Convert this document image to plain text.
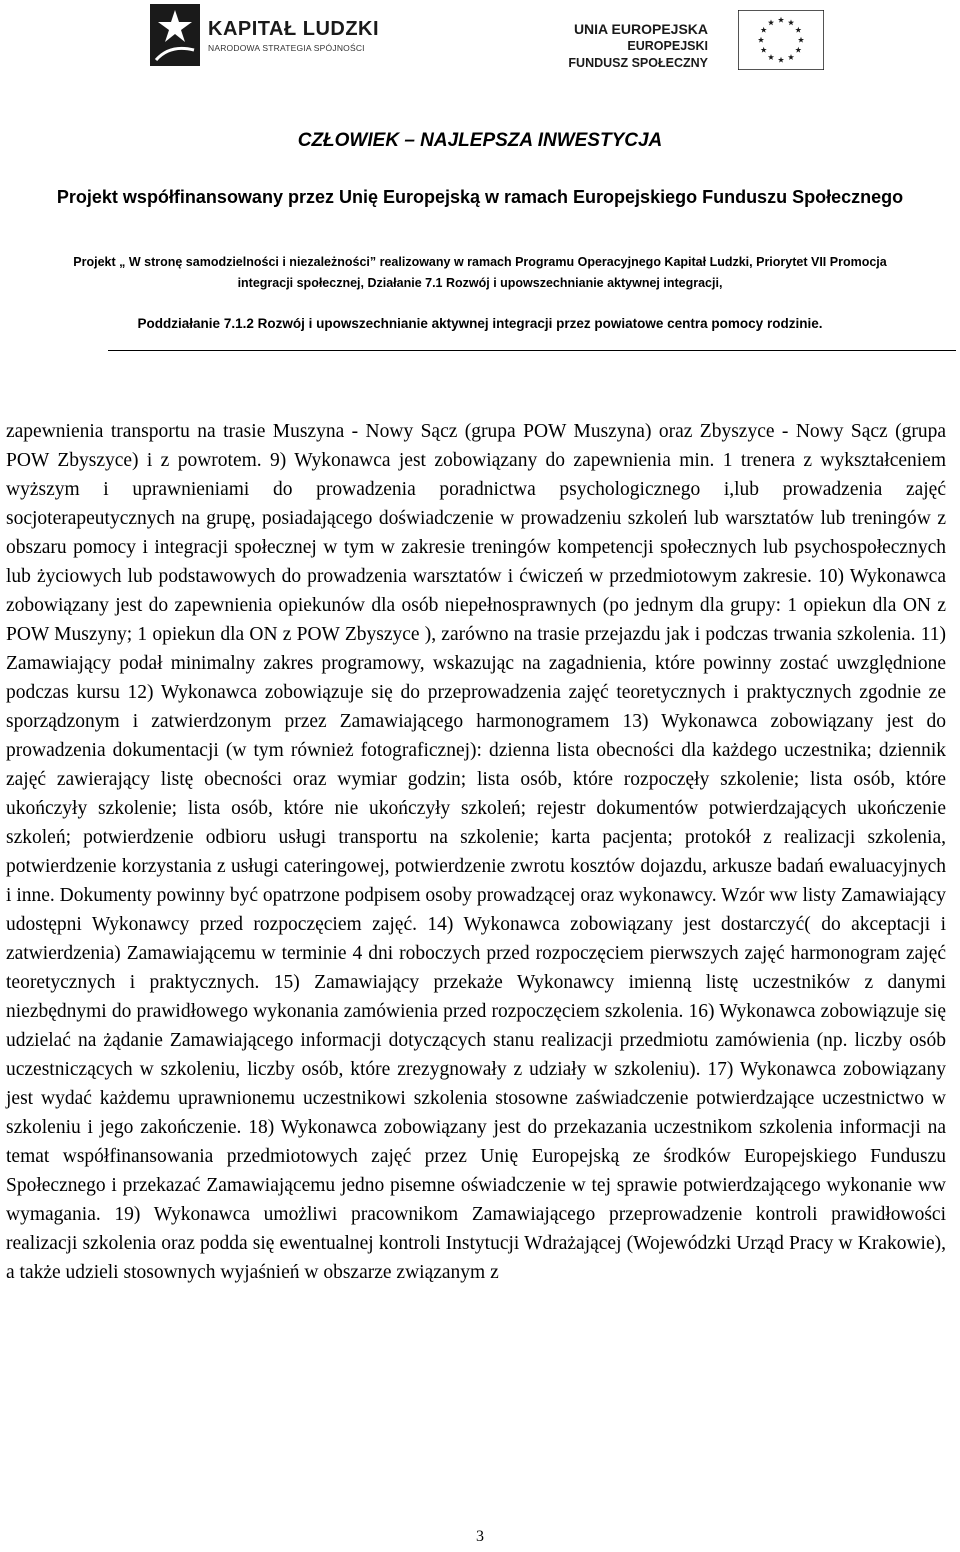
KAPITAŁ LUDZKI
NARODOWA STRATEGIA SPÓJNOŚCI
UNIA EUROPEJSKA
EUROPEJSKI
FUNDUSZ SPOŁECZNY
CZŁOWIEK – NAJLEPSZA INWESTYCJA
Projekt współfinansowany przez Unię Europejską w ramach Europejskiego Funduszu Społecznego
Projekt „ W stronę samodzielności i niezależności” realizowany w ramach Programu Operacyjnego Kapitał Ludzki, Priorytet VII Promocja integracji społecznej, Działanie 7.1 Rozwój i upowszechnianie aktywnej integracji,
Poddziałanie 7.1.2 Rozwój i upowszechnianie aktywnej integracji przez powiatowe centra pomocy rodzinie.
zapewnienia transportu na trasie Muszyna - Nowy Sącz (grupa POW Muszyna) oraz Zbyszyce - Nowy Sącz (grupa POW Zbyszyce) i z powrotem. 9) Wykonawca jest zobowiązany do zapewnienia min. 1 trenera z wykształceniem wyższym i uprawnieniami do prowadzenia poradnictwa psychologicznego i,lub prowadzenia zajęć socjoterapeutycznych na grupę, posiadającego doświadczenie w prowadzeniu szkoleń lub warsztatów lub treningów z obszaru pomocy i integracji społecznej w tym w zakresie treningów kompetencji społecznych lub psychospołecznych lub życiowych lub podstawowych do prowadzenia warsztatów i ćwiczeń w przedmiotowym zakresie. 10) Wykonawca zobowiązany jest do zapewnienia opiekunów dla osób niepełnosprawnych (po jednym dla grupy: 1 opiekun dla ON z POW Muszyny; 1 opiekun dla ON z POW Zbyszyce ), zarówno na trasie przejazdu jak i podczas trwania szkolenia. 11) Zamawiający podał minimalny zakres programowy, wskazując na zagadnienia, które powinny zostać uwzględnione podczas kursu 12) Wykonawca zobowiązuje się do przeprowadzenia zajęć teoretycznych i praktycznych zgodnie ze sporządzonym i zatwierdzonym przez Zamawiającego harmonogramem 13) Wykonawca zobowiązany jest do prowadzenia dokumentacji (w tym również fotograficznej): dzienna lista obecności dla każdego uczestnika; dziennik zajęć zawierający listę obecności oraz wymiar godzin; lista osób, które rozpoczęły szkolenie; lista osób, które ukończyły szkolenie; lista osób, które nie ukończyły szkoleń; rejestr dokumentów potwierdzających ukończenie szkoleń; potwierdzenie odbioru usługi transportu na szkolenie; karta pacjenta; protokół z realizacji szkolenia, potwierdzenie korzystania z usługi cateringowej, potwierdzenie zwrotu kosztów dojazdu, arkusze badań ewaluacyjnych i inne. Dokumenty powinny być opatrzone podpisem osoby prowadzącej oraz wykonawcy. Wzór ww listy Zamawiający udostępni Wykonawcy przed rozpoczęciem zajęć. 14) Wykonawca zobowiązany jest dostarczyć( do akceptacji i zatwierdzenia) Zamawiającemu w terminie 4 dni roboczych przed rozpoczęciem pierwszych zajęć harmonogram zajęć teoretycznych i praktycznych. 15) Zamawiający przekaże Wykonawcy imienną listę uczestników z danymi niezbędnymi do prawidłowego wykonania zamówienia przed rozpoczęciem szkolenia. 16) Wykonawca zobowiązuje się udzielać na żądanie Zamawiającego informacji dotyczących stanu realizacji przedmiotu zamówienia (np. liczby osób uczestniczących w szkoleniu, liczby osób, które zrezygnowały z udziały w szkoleniu). 17) Wykonawca zobowiązany jest wydać każdemu uprawnionemu uczestnikowi szkolenia stosowne zaświadczenie potwierdzające uczestnictwo w szkoleniu i jego zakończenie. 18) Wykonawca zobowiązany jest do przekazania uczestnikom szkolenia informacji na temat współfinansowania przedmiotowych zajęć przez Unię Europejską ze środków Europejskiego Funduszu Społecznego i przekazać Zamawiającemu jedno pisemne oświadczenie w tej sprawie potwierdzającego wykonanie ww wymagania. 19) Wykonawca umożliwi pracownikom Zamawiającego przeprowadzenie kontroli prawidłowości realizacji szkolenia oraz podda się ewentualnej kontroli Instytucji Wdrażającej (Wojewódzki Urząd Pracy w Krakowie), a także udzieli stosownych wyjaśnień w obszarze związanym z
3
